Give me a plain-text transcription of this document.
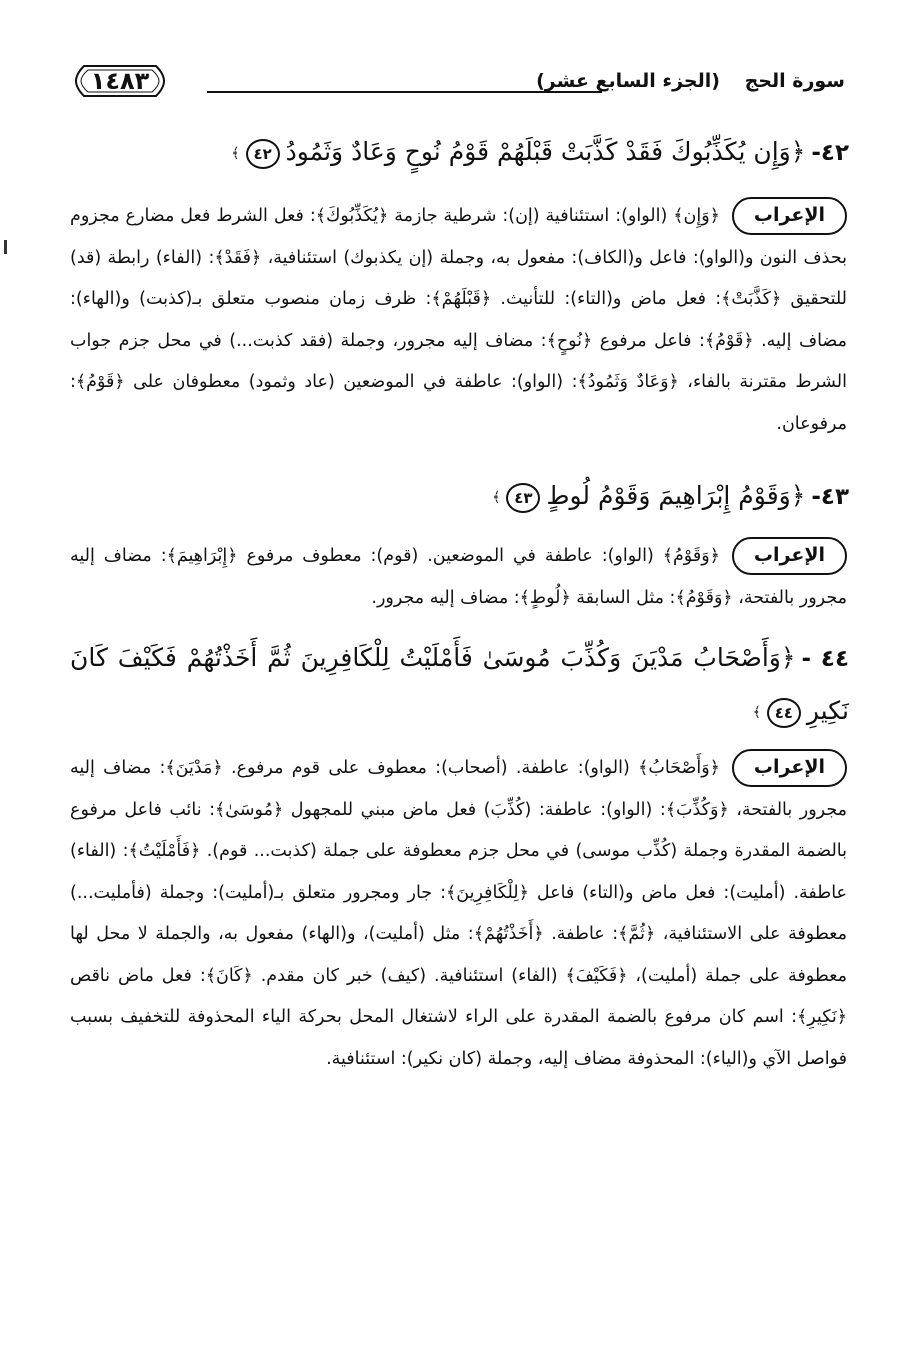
سورة الحج (الجزء السابع عشر)
١٤٨٣
٤٢-﴿وَإِن يُكَذِّبُوكَ فَقَدْ كَذَّبَتْ قَبْلَهُمْ قَوْمُ نُوحٍ وَعَادٌ وَثَمُودُ٤٢﴾
الإعراب﴿وَإِن﴾ (الواو): استئنافية (إن): شرطية جازمة ﴿يُكَذِّبُوكَ﴾: فعل الشرط فعل مضارع مجزوم بحذف النون و(الواو): فاعل و(الكاف): مفعول به، وجملة (إن يكذبوك) استئنافية، ﴿فَقَدْ﴾: (الفاء) رابطة (قد) للتحقيق ﴿كَذَّبَتْ﴾: فعل ماض و(التاء): للتأنيث. ﴿قَبْلَهُمْ﴾: ظرف زمان منصوب متعلق بـ(كذبت) و(الهاء): مضاف إليه. ﴿قَوْمُ﴾: فاعل مرفوع ﴿نُوحٍ﴾: مضاف إليه مجرور، وجملة (فقد كذبت...) في محل جزم جواب الشرط مقترنة بالفاء، ﴿وَعَادٌ وَثَمُودُ﴾: (الواو): عاطفة في الموضعين (عاد وثمود) معطوفان على ﴿قَوْمُ﴾: مرفوعان.
٤٣-﴿وَقَوْمُ إِبْرَاهِيمَ وَقَوْمُ لُوطٍ٤٣﴾
الإعراب﴿وَقَوْمُ﴾ (الواو): عاطفة في الموضعين. (قوم): معطوف مرفوع ﴿إِبْرَاهِيمَ﴾: مضاف إليه مجرور بالفتحة، ﴿وَقَوْمُ﴾: مثل السابقة ﴿لُوطٍ﴾: مضاف إليه مجرور.
٤٤ -﴿وَأَصْحَابُ مَدْيَنَ وَكُذِّبَ مُوسَىٰ فَأَمْلَيْتُ لِلْكَافِرِينَ ثُمَّ أَخَذْتُهُمْ فَكَيْفَ كَانَ نَكِيرِ٤٤﴾
الإعراب﴿وَأَصْحَابُ﴾ (الواو): عاطفة. (أصحاب): معطوف على قوم مرفوع. ﴿مَدْيَنَ﴾: مضاف إليه مجرور بالفتحة، ﴿وَكُذِّبَ﴾: (الواو): عاطفة: (كُذِّبَ) فعل ماض مبني للمجهول ﴿مُوسَىٰ﴾: نائب فاعل مرفوع بالضمة المقدرة وجملة (كُذِّب موسى) في محل جزم معطوفة على جملة (كذبت... قوم). ﴿فَأَمْلَيْتُ﴾: (الفاء) عاطفة. (أمليت): فعل ماض و(التاء) فاعل ﴿لِلْكَافِرِينَ﴾: جار ومجرور متعلق بـ(أمليت): وجملة (فأمليت...) معطوفة على الاستئنافية، ﴿ثُمَّ﴾: عاطفة. ﴿أَخَذْتُهُمْ﴾: مثل (أمليت)، و(الهاء) مفعول به، والجملة لا محل لها معطوفة على جملة (أمليت)، ﴿فَكَيْفَ﴾ (الفاء) استئنافية. (كيف) خبر كان مقدم. ﴿كَانَ﴾: فعل ماض ناقص ﴿نَكِيرِ﴾: اسم كان مرفوع بالضمة المقدرة على الراء لاشتغال المحل بحركة الياء المحذوفة للتخفيف بسبب فواصل الآي و(الياء): المحذوفة مضاف إليه، وجملة (كان نكير): استئنافية.
